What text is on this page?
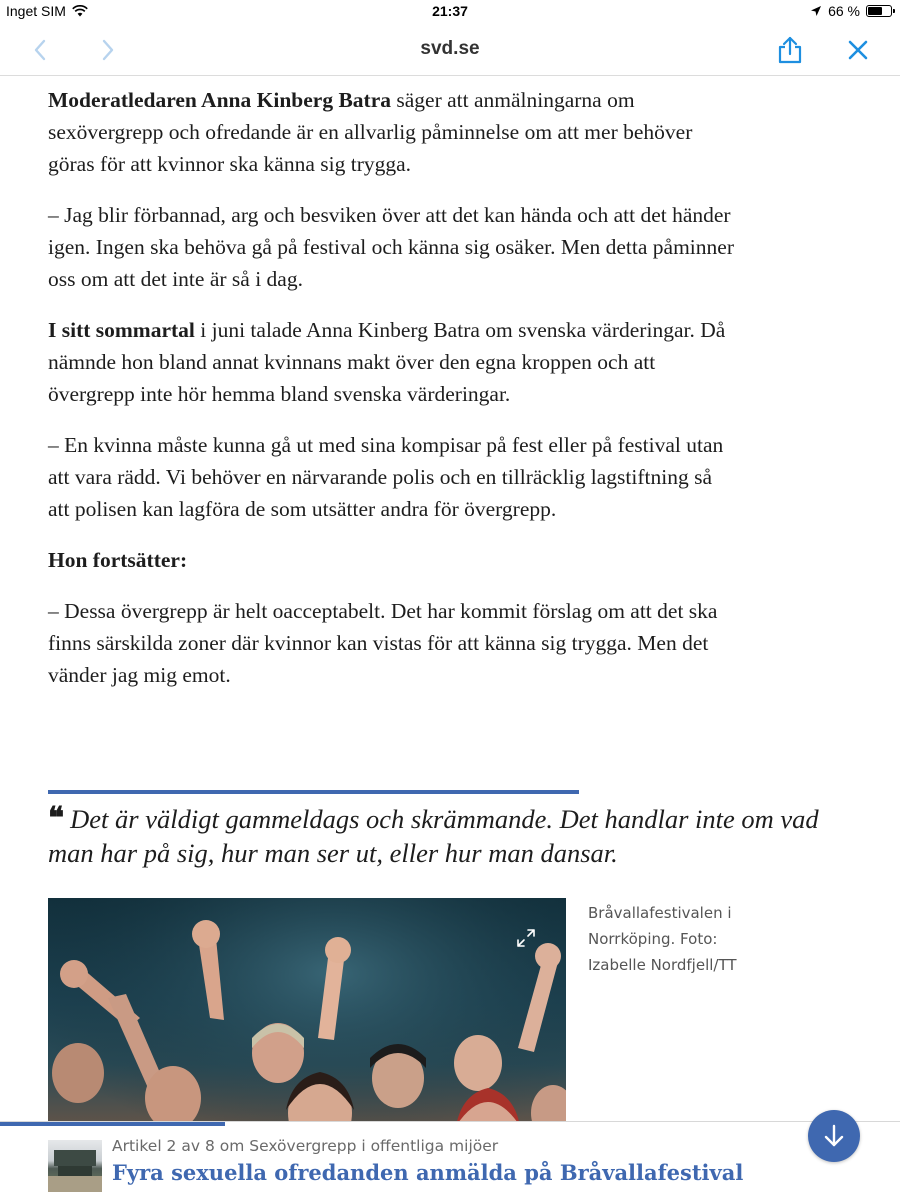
Inget SIM	21:37	66 %
svd.se

Moderatledaren Anna Kinberg Batra säger att anmälningarna om sexövergrepp och ofredande är en allvarlig påminnelse om att mer behöver göras för att kvinnor ska känna sig trygga.

– Jag blir förbannad, arg och besviken över att det kan hända och att det händer igen. Ingen ska behöva gå på festival och känna sig osäker. Men detta påminner oss om att det inte är så i dag.

I sitt sommartal i juni talade Anna Kinberg Batra om svenska värderingar. Då nämnde hon bland annat kvinnans makt över den egna kroppen och att övergrepp inte hör hemma bland svenska värderingar.

– En kvinna måste kunna gå ut med sina kompisar på fest eller på festival utan att vara rädd. Vi behöver en närvarande polis och en tillräcklig lagstiftning så att polisen kan lagföra de som utsätter andra för övergrepp.

Hon fortsätter:

– Dessa övergrepp är helt oacceptabelt. Det har kommit förslag om att det ska finns särskilda zoner där kvinnor kan vistas för att känna sig trygga. Men det vänder jag mig emot.

❝ Det är väldigt gammeldags och skrämmande. Det handlar inte om vad man har på sig, hur man ser ut, eller hur man dansar.
Bråvallafestivalen i Norrköping. Foto: Izabelle Nordfjell/TT
Artikel 2 av 8 om Sexövergrepp i offentliga mijöer
Fyra sexuella ofredanden anmälda på Bråvallafestival
